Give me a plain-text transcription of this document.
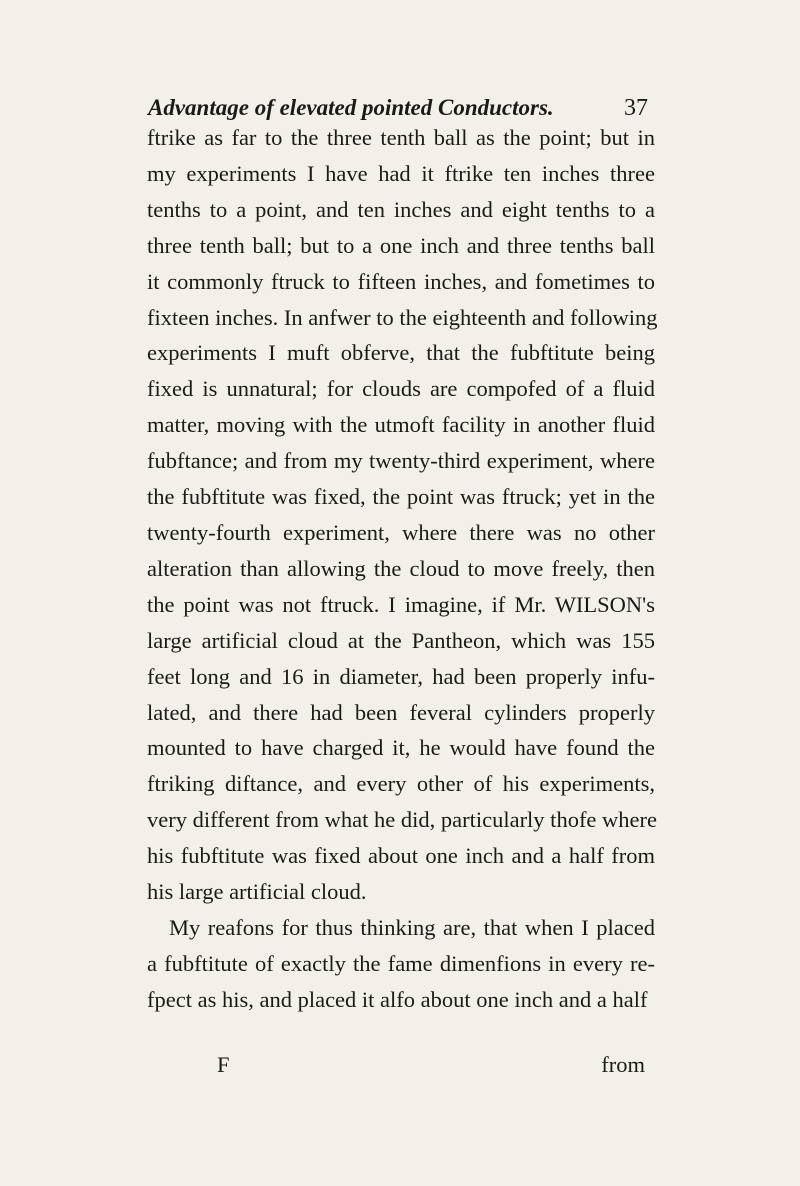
Advantage of elevated pointed Conductors.	37
ftrike as far to the three tenth ball as the point; but in
my experiments I have had it ftrike ten inches three
tenths to a point, and ten inches and eight tenths to a
three tenth ball; but to a one inch and three tenths ball
it commonly ftruck to fifteen inches, and fometimes to
fixteen inches. In anfwer to the eighteenth and following
experiments I muft obferve, that the fubftitute being
fixed is unnatural; for clouds are compofed of a fluid
matter, moving with the utmoft facility in another fluid
fubftance; and from my twenty-third experiment, where
the fubftitute was fixed, the point was ftruck; yet in the
twenty-fourth experiment, where there was no other
alteration than allowing the cloud to move freely, then
the point was not ftruck. I imagine, if Mr. WILSON's
large artificial cloud at the Pantheon, which was 155
feet long and 16 in diameter, had been properly infu-
lated, and there had been feveral cylinders properly
mounted to have charged it, he would have found the
ftriking diftance, and every other of his experiments,
very different from what he did, particularly thofe where
his fubftitute was fixed about one inch and a half from
his large artificial cloud.
My reafons for thus thinking are, that when I placed
a fubftitute of exactly the fame dimenfions in every re-
fpect as his, and placed it alfo about one inch and a half
F	from
